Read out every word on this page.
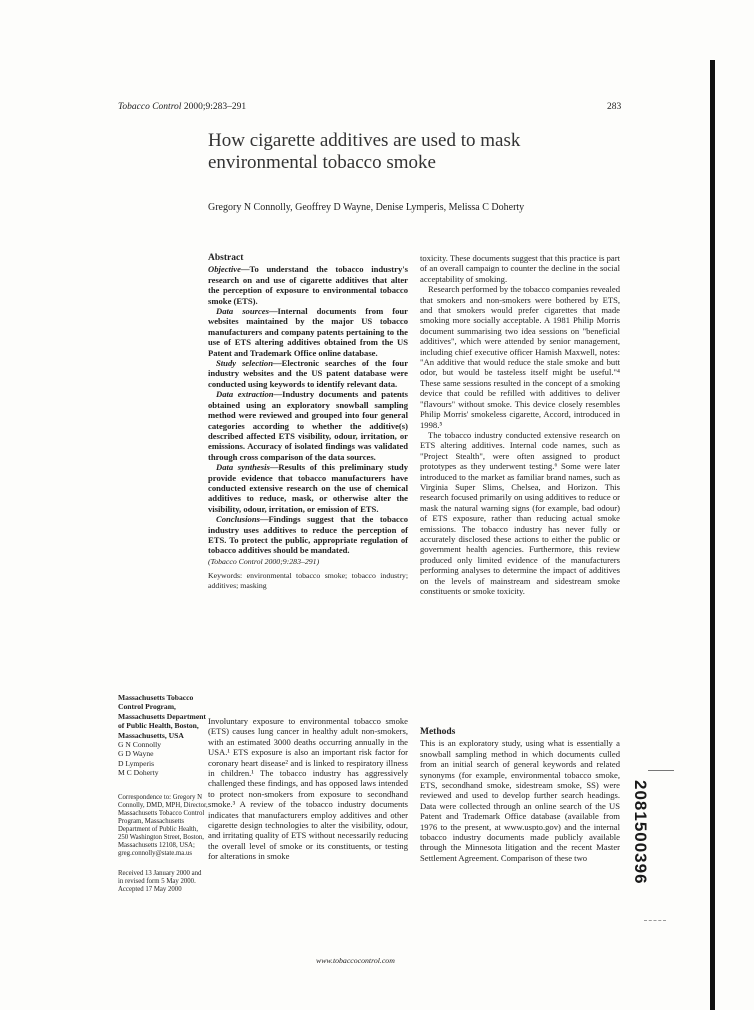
Tobacco Control 2000;9:283–291	283
How cigarette additives are used to mask environmental tobacco smoke
Gregory N Connolly, Geoffrey D Wayne, Denise Lymperis, Melissa C Doherty
Abstract

Objective—To understand the tobacco industry's research on and use of cigarette additives that alter the perception of exposure to environmental tobacco smoke (ETS).

Data sources—Internal documents from four websites maintained by the major US tobacco manufacturers and company patents pertaining to the use of ETS altering additives obtained from the US Patent and Trademark Office online database.

Study selection—Electronic searches of the four industry websites and the US patent database were conducted using keywords to identify relevant data.

Data extraction—Industry documents and patents obtained using an exploratory snowball sampling method were reviewed and grouped into four general categories according to whether the additive(s) described affected ETS visibility, odour, irritation, or emissions. Accuracy of isolated findings was validated through cross comparison of the data sources.

Data synthesis—Results of this preliminary study provide evidence that tobacco manufacturers have conducted extensive research on the use of chemical additives to reduce, mask, or otherwise alter the visibility, odour, irritation, or emission of ETS.

Conclusions—Findings suggest that the tobacco industry uses additives to reduce the perception of ETS. To protect the public, appropriate regulation of tobacco additives should be mandated.

(Tobacco Control 2000;9:283–291)
Keywords: environmental tobacco smoke; tobacco industry; additives; masking

Involuntary exposure to environmental tobacco smoke (ETS) causes lung cancer in healthy adult non-smokers, with an estimated 3000 deaths occurring annually in the USA.¹ ETS exposure is also an important risk factor for coronary heart disease² and is linked to respiratory illness in children.¹ The tobacco industry has aggressively challenged these findings, and has opposed laws intended to protect non-smokers from exposure to secondhand smoke.³ A review of the tobacco industry documents indicates that manufacturers employ additives and other cigarette design technologies to alter the visibility, odour, and irritating quality of ETS without necessarily reducing the overall level of smoke or its constituents, or testing for alterations in smoke

toxicity. These documents suggest that this practice is part of an overall campaign to counter the decline in the social acceptability of smoking.

Research performed by the tobacco companies revealed that smokers and non-smokers were bothered by ETS, and that smokers would prefer cigarettes that made smoking more socially acceptable. A 1981 Philip Morris document summarising two idea sessions on "beneficial additives", which were attended by senior management, including chief executive officer Hamish Maxwell, notes: "An additive that would reduce the stale smoke and butt odor, but would be tasteless itself might be useful."⁴ These same sessions resulted in the concept of a smoking device that could be refilled with additives to deliver "flavours" without smoke. This device closely resembles Philip Morris' smokeless cigarette, Accord, introduced in 1998.⁵

The tobacco industry conducted extensive research on ETS altering additives. Internal code names, such as "Project Stealth", were often assigned to product prototypes as they underwent testing.⁶ Some were later introduced to the market as familiar brand names, such as Virginia Super Slims, Chelsea, and Horizon. This research focused primarily on using additives to reduce or mask the natural warning signs (for example, bad odour) of ETS exposure, rather than reducing actual smoke emissions. The tobacco industry has never fully or accurately disclosed these actions to either the public or government health agencies. Furthermore, this review produced only limited evidence of the manufacturers performing analyses to determine the impact of additives on the levels of mainstream and sidestream smoke constituents or smoke toxicity.

Methods

This is an exploratory study, using what is essentially a snowball sampling method in which documents culled from an initial search of general keywords and related synonyms (for example, environmental tobacco smoke, ETS, secondhand smoke, sidestream smoke, SS) were reviewed and used to develop further search headings. Data were collected through an online search of the US Patent and Trademark Office database (available from 1976 to the present, at www.uspto.gov) and the internal tobacco industry documents made publicly available through the Minnesota litigation and the recent Master Settlement Agreement. Comparison of these two

Massachusetts Tobacco Control Program, Massachusetts Department of Public Health, Boston, Massachusetts, USA
G N Connolly
G D Wayne
D Lymperis
M C Doherty
Correspondence to: Gregory N Connolly, DMD, MPH, Director, Massachusetts Tobacco Control Program, Massachusetts Department of Public Health, 250 Washington Street, Boston, Massachusetts 12108, USA; greg.connolly@state.ma.us
Received 13 January 2000 and in revised form 5 May 2000. Accepted 17 May 2000
www.tobaccocontrol.com
2081500396
